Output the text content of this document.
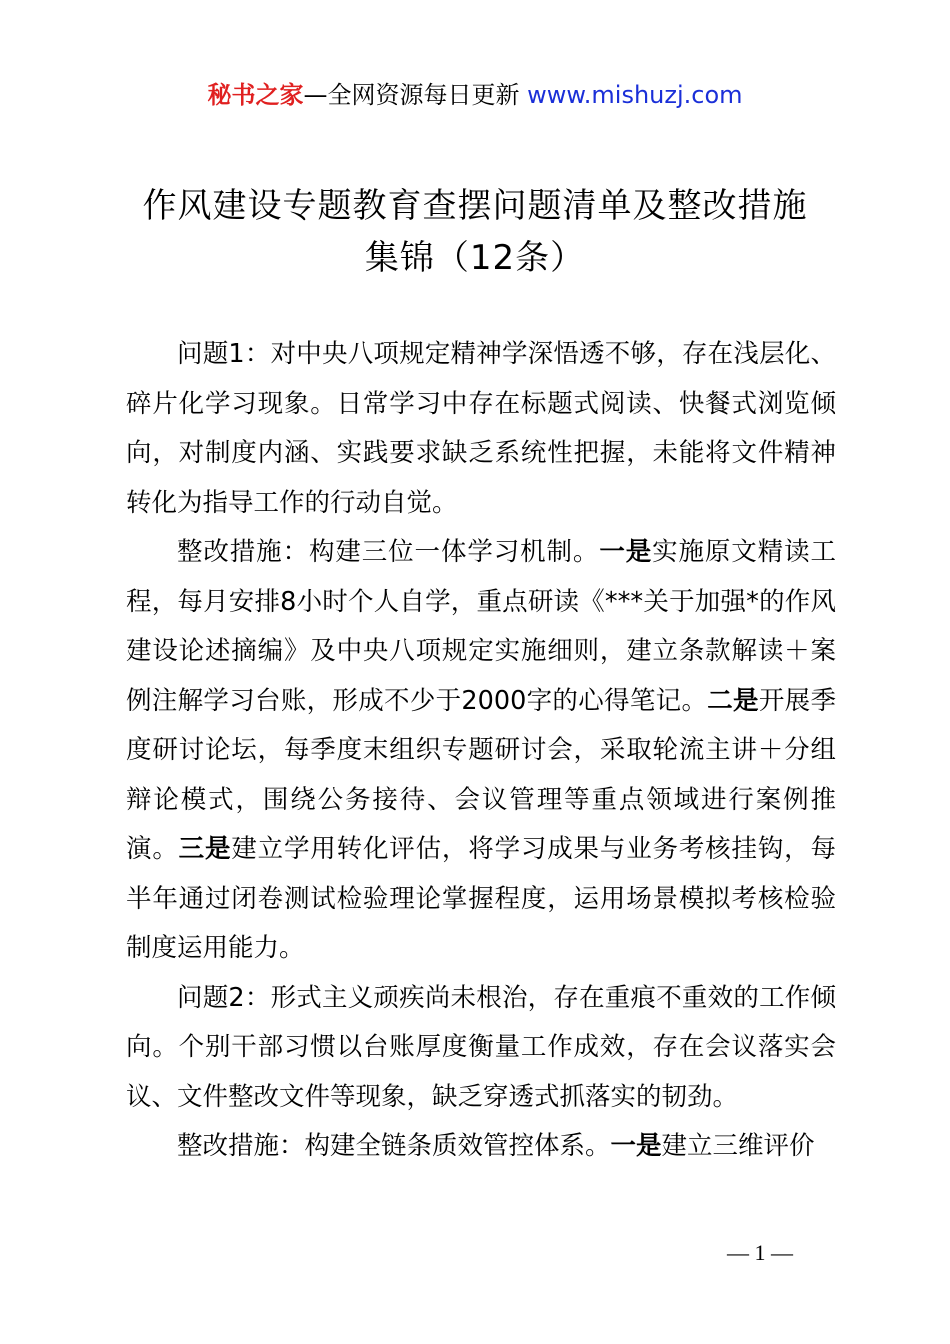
秘书之家—全网资源每日更新 www.mishuzj.com
作风建设专题教育查摆问题清单及整改措施
集锦（12条）

问题1：对中央八项规定精神学深悟透不够，存在浅层化、碎片化学习现象。日常学习中存在标题式阅读、快餐式浏览倾向，对制度内涵、实践要求缺乏系统性把握，未能将文件精神转化为指导工作的行动自觉。

整改措施：构建三位一体学习机制。一是实施原文精读工程，每月安排8小时个人自学，重点研读《***关于加强*的作风建设论述摘编》及中央八项规定实施细则，建立条款解读＋案例注解学习台账，形成不少于2000字的心得笔记。二是开展季度研讨论坛，每季度末组织专题研讨会，采取轮流主讲＋分组辩论模式，围绕公务接待、会议管理等重点领域进行案例推演。三是建立学用转化评估，将学习成果与业务考核挂钩，每半年通过闭卷测试检验理论掌握程度，运用场景模拟考核检验制度运用能力。

问题2：形式主义顽疾尚未根治，存在重痕不重效的工作倾向。个别干部习惯以台账厚度衡量工作成效，存在会议落实会议、文件整改文件等现象，缺乏穿透式抓落实的韧劲。

整改措施：构建全链条质效管控体系。一是建立三维评价

— 1 —
